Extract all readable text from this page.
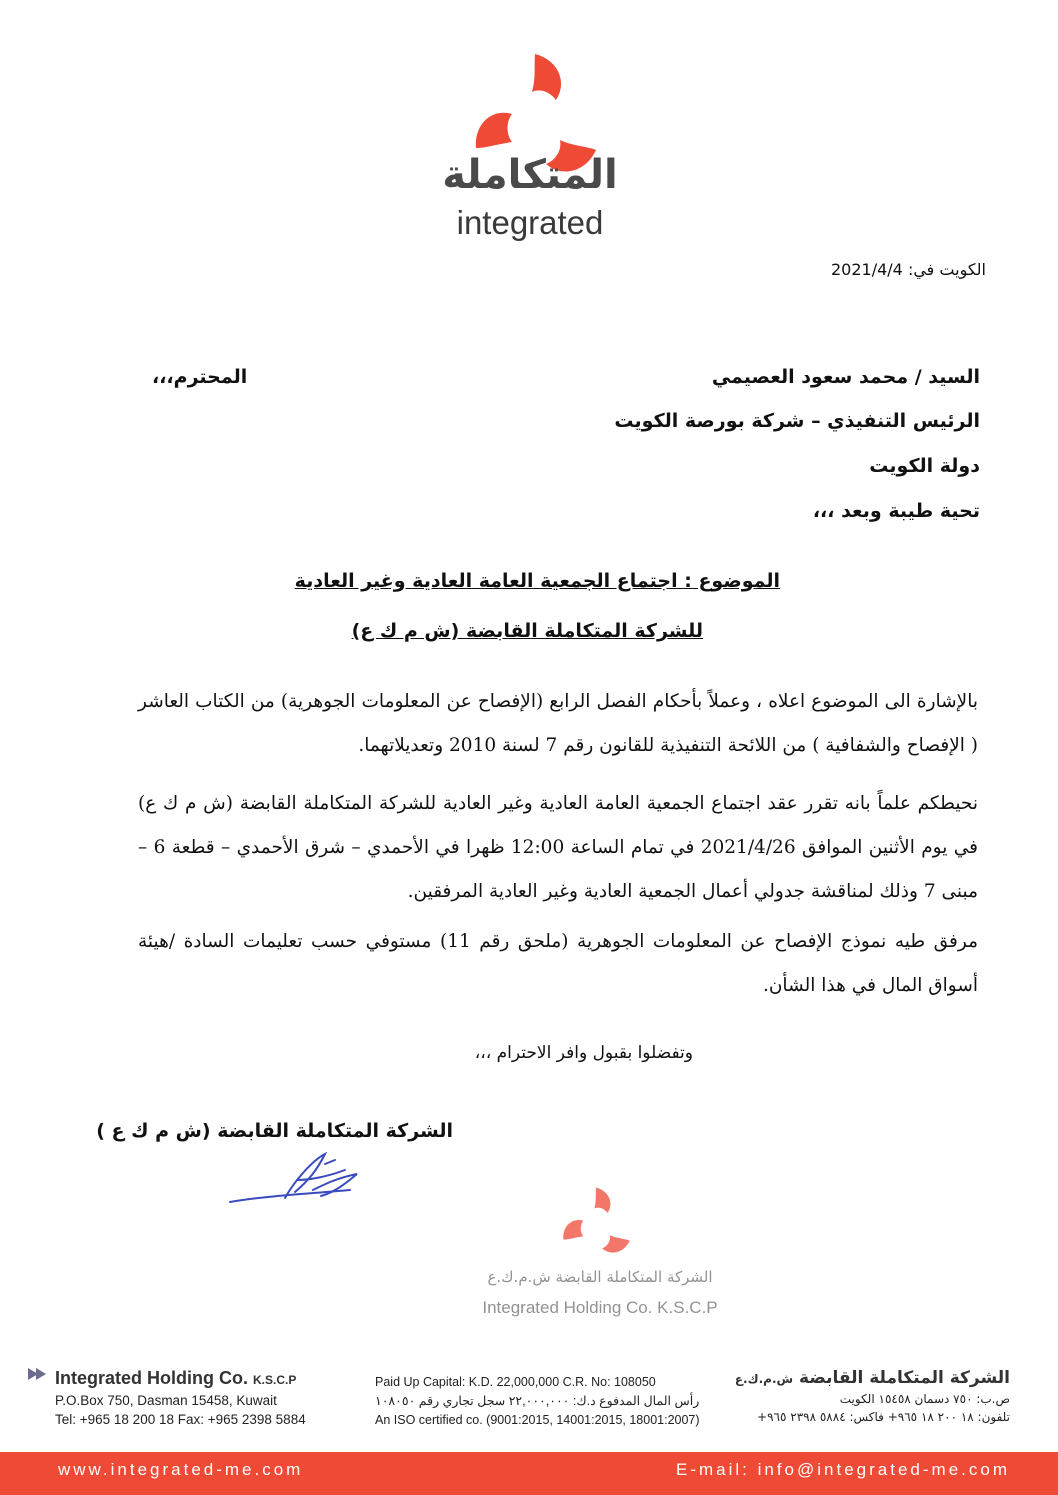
المتكاملة
integrated
الكويت في: 2021/4/4
السيد / محمد سعود العصيمي
المحترم،،،
الرئيس التنفيذي – شركة بورصة الكويت
دولة الكويت
تحية طيبة وبعد ،،،
الموضوع : اجتماع الجمعية العامة العادية وغير العادية
للشركة المتكاملة القابضة (ش م ك ع)
بالإشارة الى الموضوع اعلاه ، وعملاً بأحكام الفصل الرابع (الإفصاح عن المعلومات الجوهرية) من الكتاب العاشر ( الإفصاح والشفافية ) من اللائحة التنفيذية للقانون رقم 7 لسنة 2010 وتعديلاتهما.
نحيطكم علماً بانه تقرر عقد اجتماع الجمعية العامة العادية وغير العادية للشركة المتكاملة القابضة (ش م ك ع) في يوم الأثنين الموافق 2021/4/26 في تمام الساعة 12:00 ظهرا في الأحمدي – شرق الأحمدي – قطعة 6 – مبنى 7 وذلك لمناقشة جدولي أعمال الجمعية العادية وغير العادية المرفقين.
مرفق طيه نموذج الإفصاح عن المعلومات الجوهرية (ملحق رقم 11) مستوفي حسب تعليمات السادة /هيئة أسواق المال في هذا الشأن.
وتفضلوا بقبول وافر الاحترام ،،،
الشركة المتكاملة القابضة (ش م ك ع )
الشركة المتكاملة القابضة ش.م.ك.ع
Integrated Holding Co. K.S.C.P
Integrated Holding Co. K.S.C.P
P.O.Box 750, Dasman 15458, Kuwait
Tel: +965 18 200 18 Fax: +965 2398 5884
Paid Up Capital: K.D. 22,000,000 C.R. No: 108050
رأس المال المدفوع د.ك: ٢٢,٠٠٠,٠٠٠ سجل تجاري رقم ١٠٨٠٥٠
An ISO certified co. (9001:2015, 14001:2015, 18001:2007)
الشركة المتكاملة القابضة ش.م.ك.ع
ص.ب: ٧٥٠ دسمان ١٥٤٥٨ الكويت
تلفون: ١٨ ٢٠٠ ١٨ ٩٦٥+ فاكس: ٥٨٨٤ ٢٣٩٨ ٩٦٥+
www.integrated-me.com	E-mail: info@integrated-me.com
